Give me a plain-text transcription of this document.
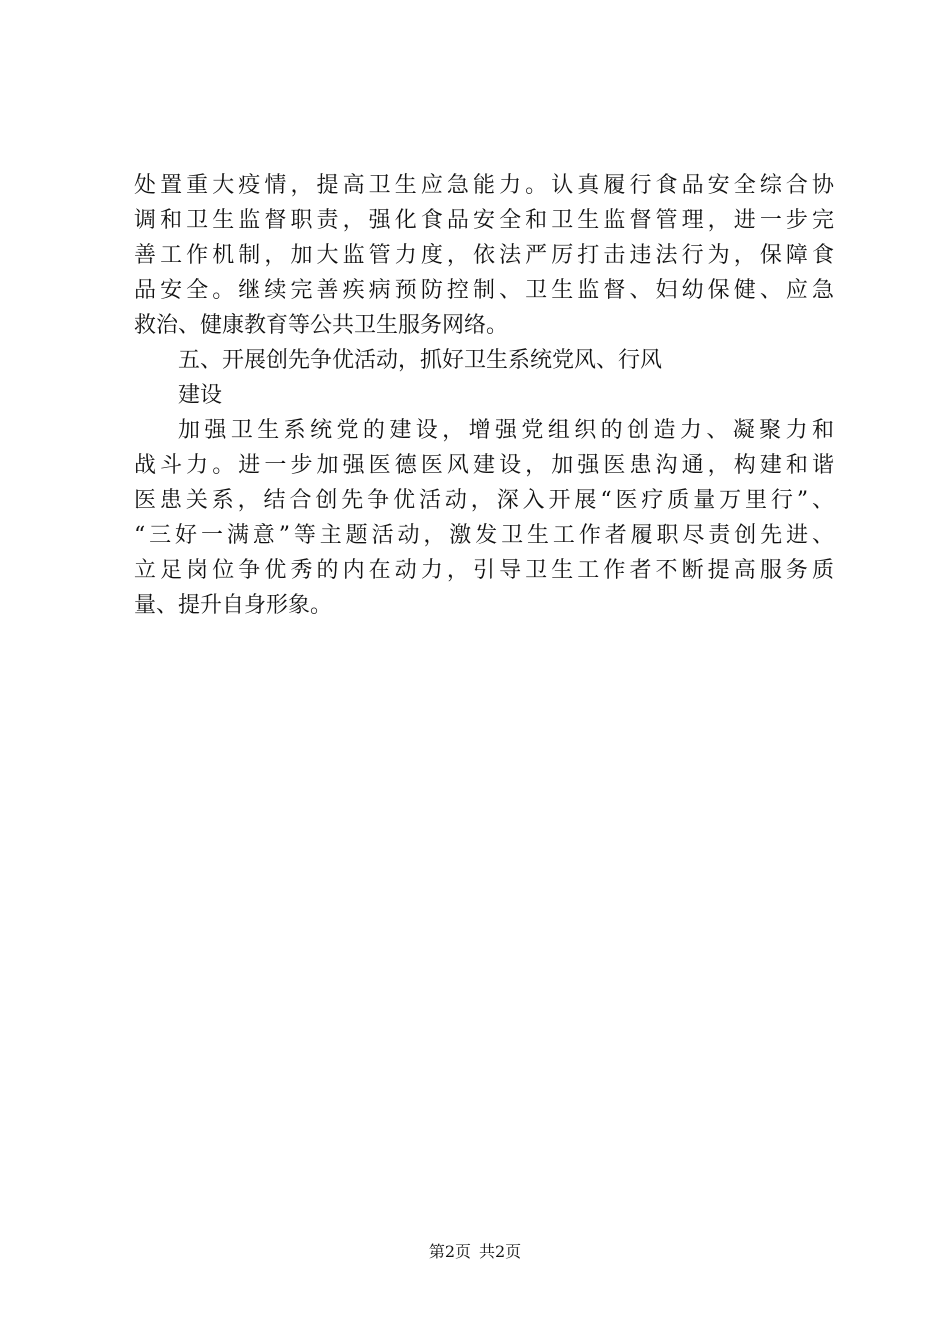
处置重大疫情，提高卫生应急能力。认真履行食品安全综合协
调和卫生监督职责，强化食品安全和卫生监督管理，进一步完
善工作机制，加大监管力度，依法严厉打击违法行为，保障食
品安全。继续完善疾病预防控制、卫生监督、妇幼保健、应急
救治、健康教育等公共卫生服务网络。
五、开展创先争优活动，抓好卫生系统党风、行风
建设
加强卫生系统党的建设，增强党组织的创造力、凝聚力和
战斗力。进一步加强医德医风建设，加强医患沟通，构建和谐
医患关系，结合创先争优活动，深入开展“医疗质量万里行”、
“三好一满意”等主题活动，激发卫生工作者履职尽责创先进、
立足岗位争优秀的内在动力，引导卫生工作者不断提高服务质
量、提升自身形象。
第2页 共2页
